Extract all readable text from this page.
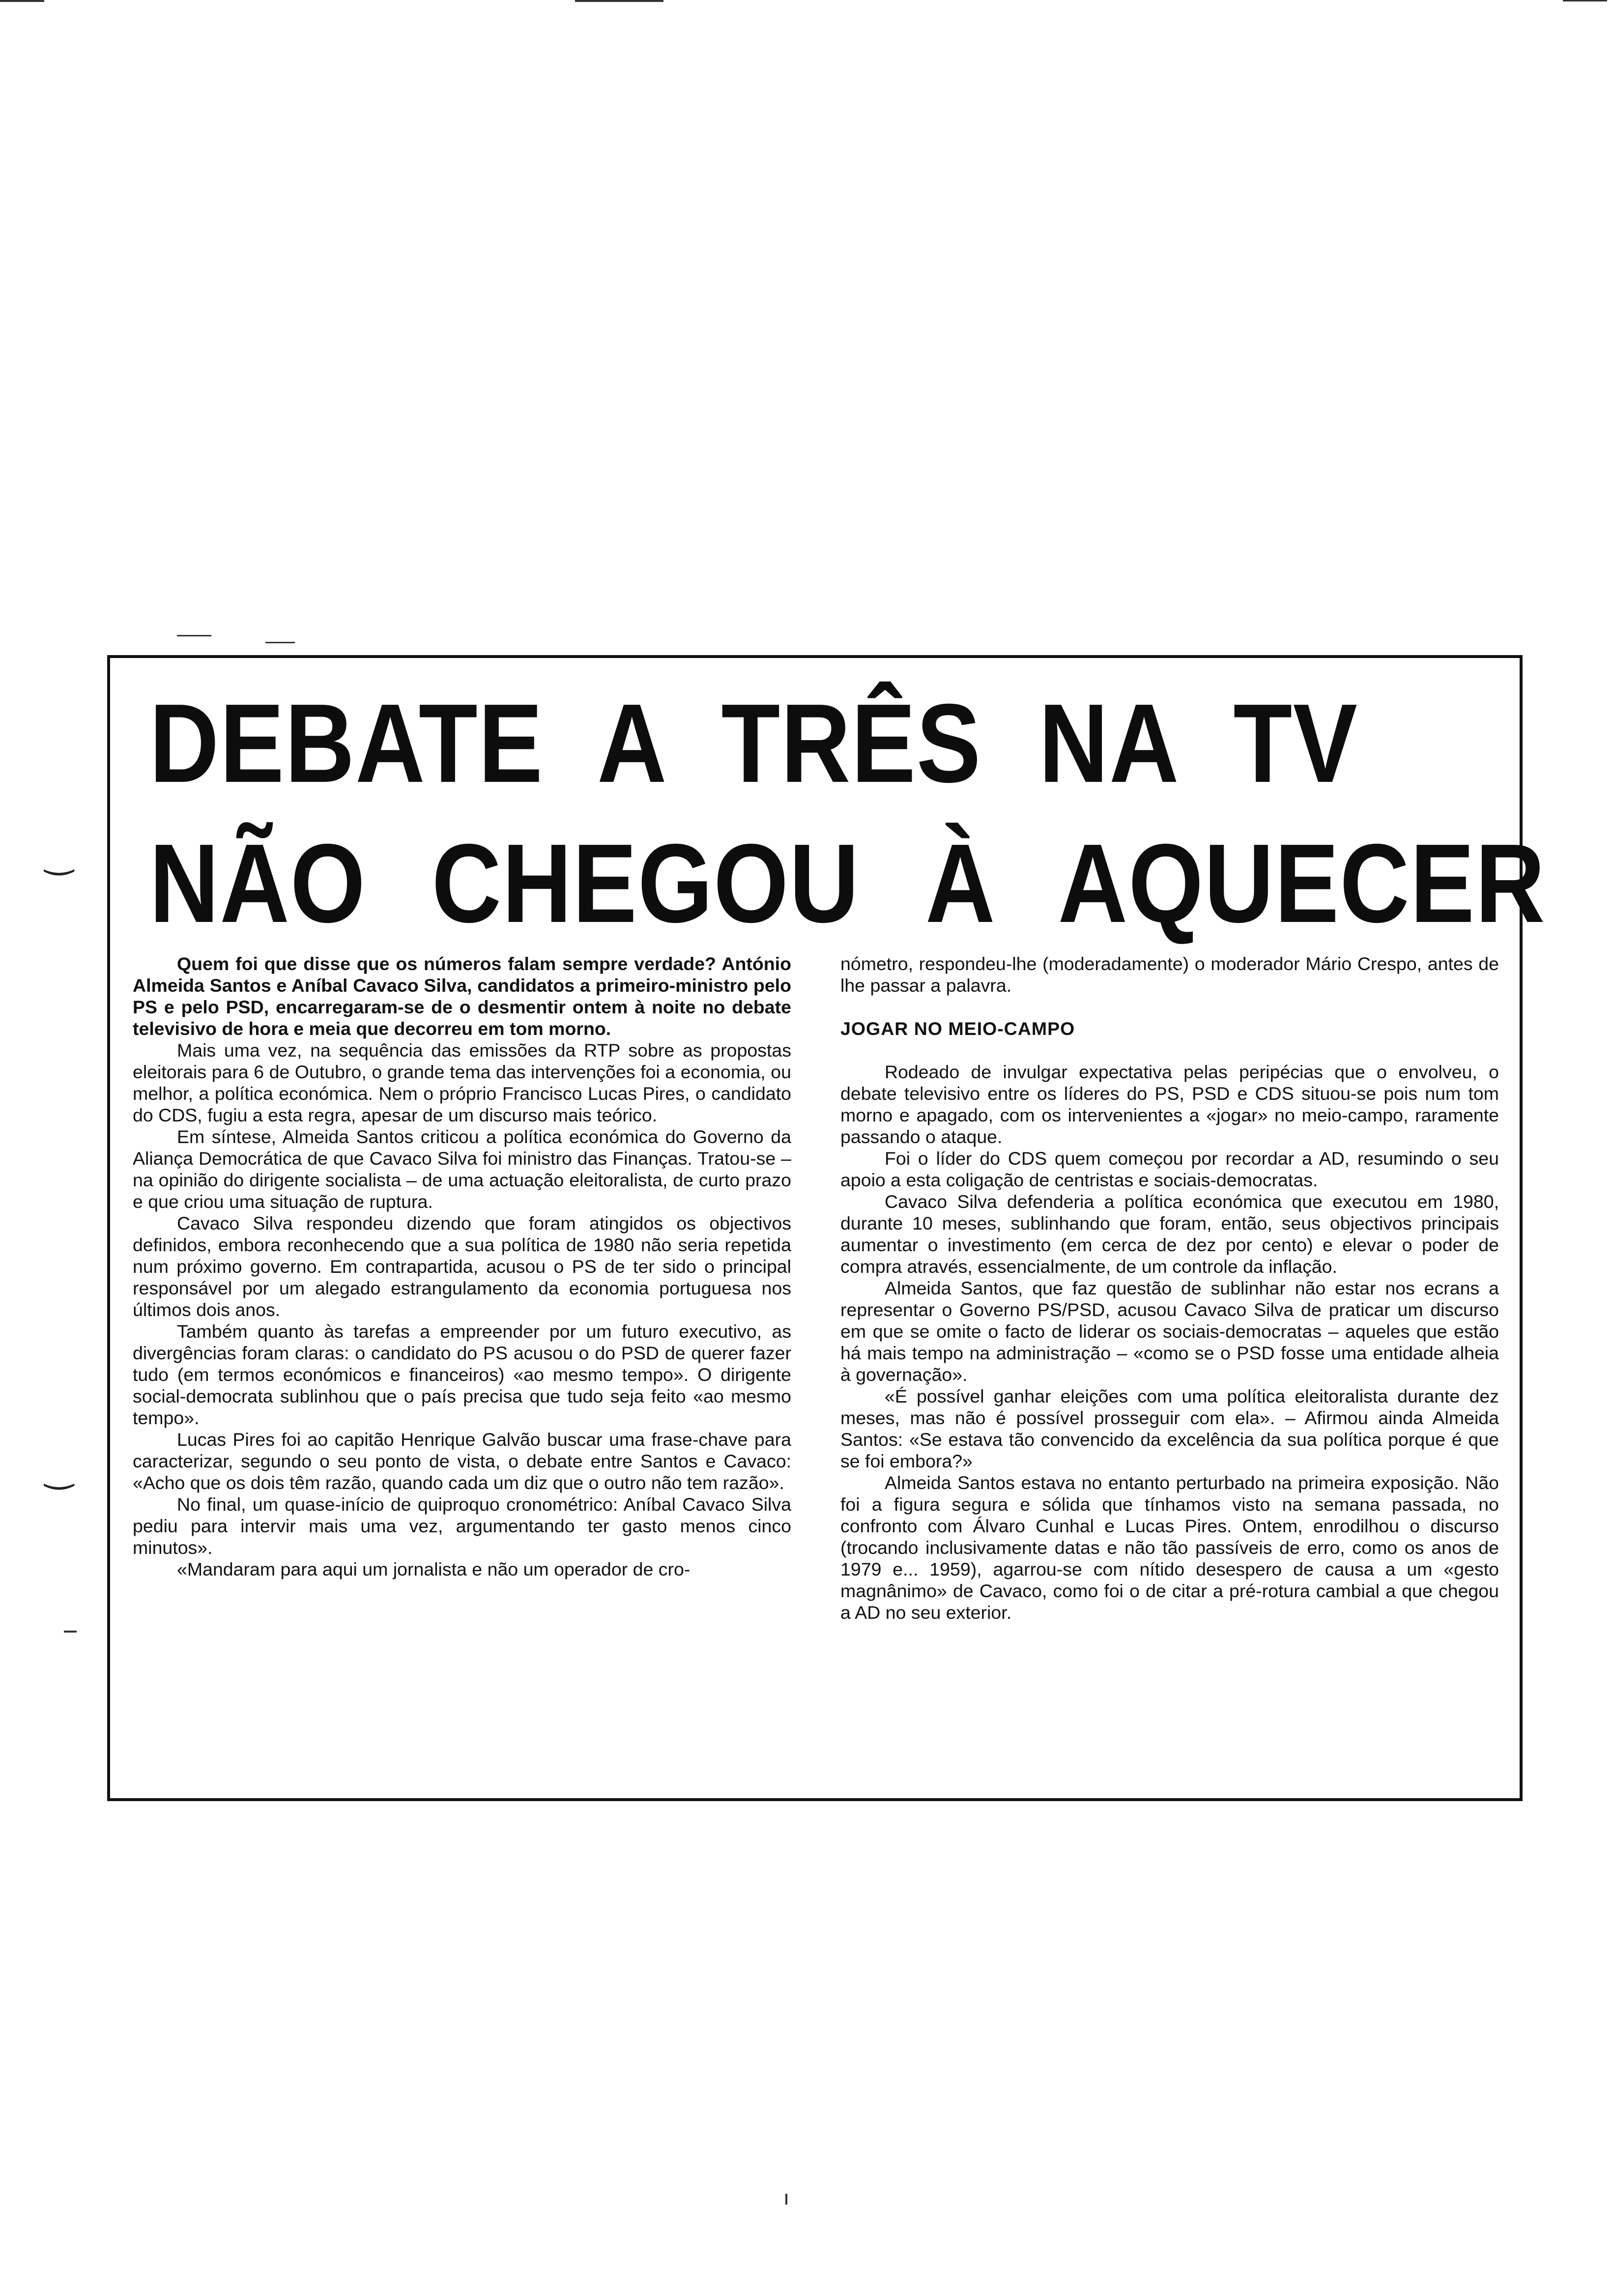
‿
‿
DEBATE A TRÊS NA TV
NÃO CHEGOU À AQUECER

Quem foi que disse que os números falam sempre verdade? António Almeida Santos e Aníbal Cavaco Silva, candidatos a primeiro-ministro pelo PS e pelo PSD, encarregaram-se de o desmentir ontem à noite no debate televisivo de hora e meia que decorreu em tom morno.

Mais uma vez, na sequência das emissões da RTP sobre as propostas eleitorais para 6 de Outubro, o grande tema das intervenções foi a economia, ou melhor, a política económica. Nem o próprio Francisco Lucas Pires, o candidato do CDS, fugiu a esta regra, apesar de um discurso mais teórico.

Em síntese, Almeida Santos criticou a política económica do Governo da Aliança Democrática de que Cavaco Silva foi ministro das Finanças. Tratou-se – na opinião do dirigente socialista – de uma actuação eleitoralista, de curto prazo e que criou uma situação de ruptura.

Cavaco Silva respondeu dizendo que foram atingidos os objectivos definidos, embora reconhecendo que a sua política de 1980 não seria repetida num próximo governo. Em contrapartida, acusou o PS de ter sido o principal responsável por um alegado estrangulamento da economia portuguesa nos últimos dois anos.

Também quanto às tarefas a empreender por um futuro executivo, as divergências foram claras: o candidato do PS acusou o do PSD de querer fazer tudo (em termos económicos e financeiros) «ao mesmo tempo». O dirigente social-democrata sublinhou que o país precisa que tudo seja feito «ao mesmo tempo».

Lucas Pires foi ao capitão Henrique Galvão buscar uma frase-chave para caracterizar, segundo o seu ponto de vista, o debate entre Santos e Cavaco: «Acho que os dois têm razão, quando cada um diz que o outro não tem razão».

No final, um quase-início de quiproquo cronométrico: Aníbal Cavaco Silva pediu para intervir mais uma vez, argumentando ter gasto menos cinco minutos».

«Mandaram para aqui um jornalista e não um operador de cro-

nómetro, respondeu-lhe (moderadamente) o moderador Mário Crespo, antes de lhe passar a palavra.

JOGAR NO MEIO-CAMPO

Rodeado de invulgar expectativa pelas peripécias que o envolveu, o debate televisivo entre os líderes do PS, PSD e CDS situou-se pois num tom morno e apagado, com os intervenientes a «jogar» no meio-campo, raramente passando o ataque.

Foi o líder do CDS quem começou por recordar a AD, resumindo o seu apoio a esta coligação de centristas e sociais-democratas.

Cavaco Silva defenderia a política económica que executou em 1980, durante 10 meses, sublinhando que foram, então, seus objectivos principais aumentar o investimento (em cerca de dez por cento) e elevar o poder de compra através, essencialmente, de um controle da inflação.

Almeida Santos, que faz questão de sublinhar não estar nos ecrans a representar o Governo PS/PSD, acusou Cavaco Silva de praticar um discurso em que se omite o facto de liderar os sociais-democratas – aqueles que estão há mais tempo na administração – «como se o PSD fosse uma entidade alheia à governação».

«É possível ganhar eleições com uma política eleitoralista durante dez meses, mas não é possível prosseguir com ela». – Afirmou ainda Almeida Santos: «Se estava tão convencido da excelência da sua política porque é que se foi embora?»

Almeida Santos estava no entanto perturbado na primeira exposição. Não foi a figura segura e sólida que tínhamos visto na semana passada, no confronto com Álvaro Cunhal e Lucas Pires. Ontem, enrodilhou o discurso (trocando inclusivamente datas e não tão passíveis de erro, como os anos de 1979 e... 1959), agarrou-se com nítido desespero de causa a um «gesto magnânimo» de Cavaco, como foi o de citar a pré-rotura cambial a que chegou a AD no seu exterior.
